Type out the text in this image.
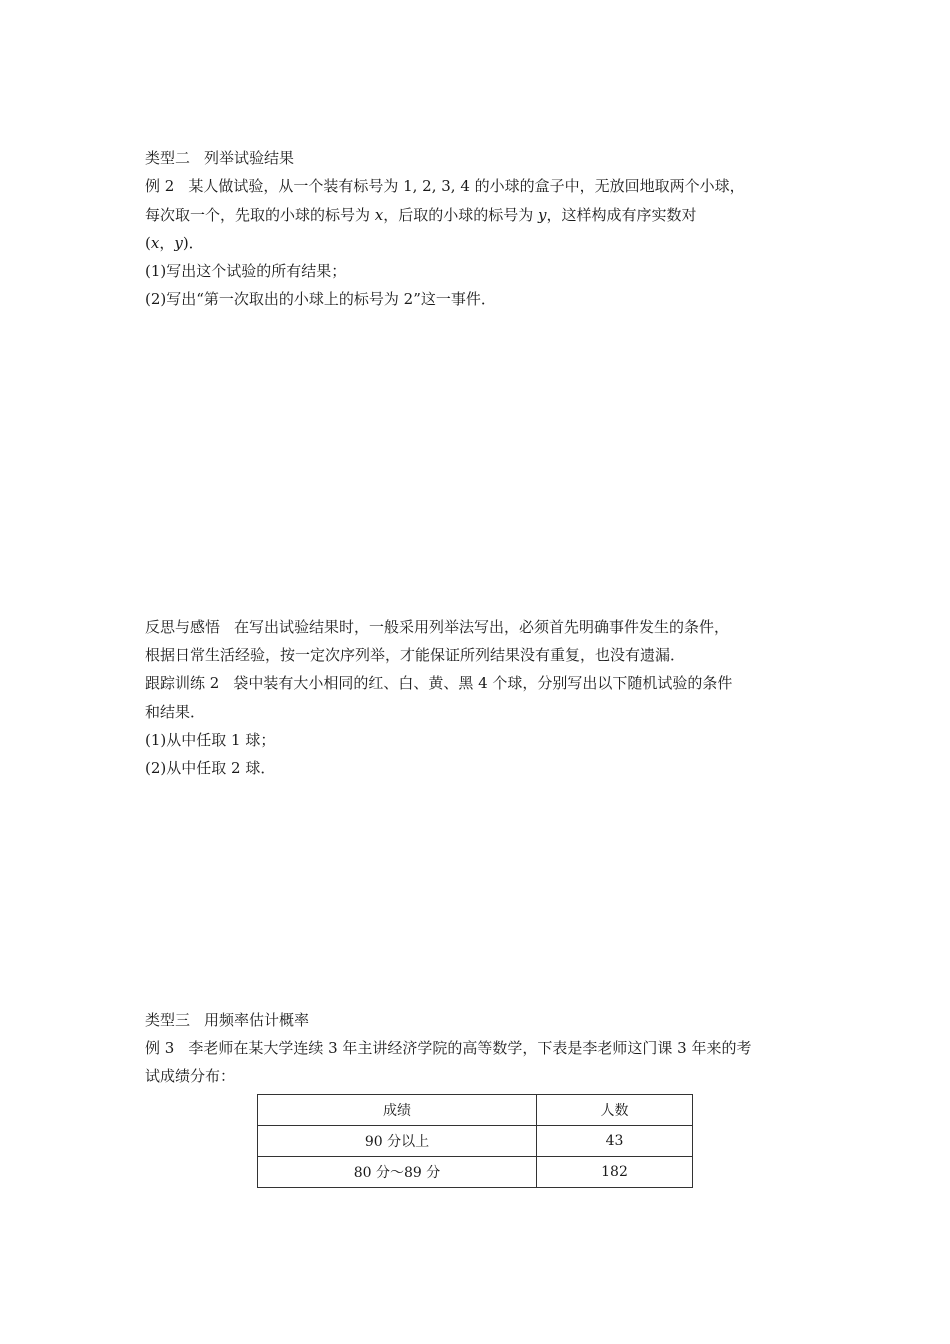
类型二 列举试验结果
例 2 某人做试验，从一个装有标号为 1, 2, 3, 4 的小球的盒子中，无放回地取两个小球，
每次取一个，先取的小球的标号为 x，后取的小球的标号为 y，这样构成有序实数对
(x，y)．
(1)写出这个试验的所有结果；
(2)写出“第一次取出的小球上的标号为 2”这一事件．
反思与感悟 在写出试验结果时，一般采用列举法写出，必须首先明确事件发生的条件，
根据日常生活经验，按一定次序列举，才能保证所列结果没有重复，也没有遗漏．
跟踪训练 2 袋中装有大小相同的红、白、黄、黑 4 个球，分别写出以下随机试验的条件
和结果．
(1)从中任取 1 球；
(2)从中任取 2 球．
类型三 用频率估计概率
例 3 李老师在某大学连续 3 年主讲经济学院的高等数学，下表是李老师这门课 3 年来的考
试成绩分布：
成绩	人数
90 分以上	43
80 分～89 分	182
